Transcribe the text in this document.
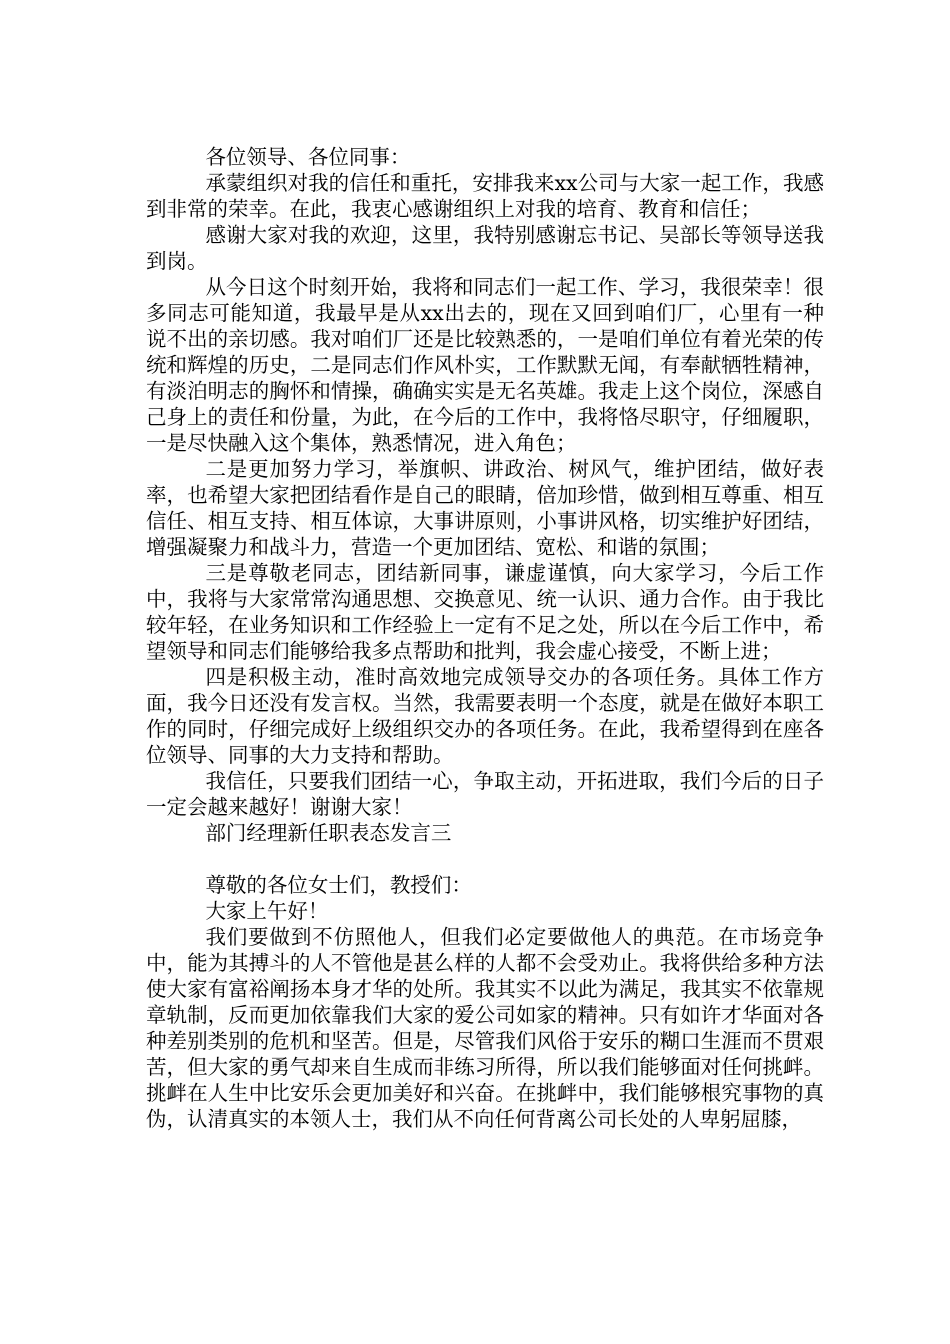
各位领导、各位同事：

承蒙组织对我的信任和重托，安排我来xx公司与大家一起工作，我感到非常的荣幸。在此，我衷心感谢组织上对我的培育、教育和信任；

感谢大家对我的欢迎，这里，我特别感谢忘书记、吴部长等领导送我到岗。

从今日这个时刻开始，我将和同志们一起工作、学习，我很荣幸！很多同志可能知道，我最早是从xx出去的，现在又回到咱们厂，心里有一种说不出的亲切感。我对咱们厂还是比较熟悉的，一是咱们单位有着光荣的传统和辉煌的历史，二是同志们作风朴实，工作默默无闻，有奉献牺牲精神，有淡泊明志的胸怀和情操，确确实实是无名英雄。我走上这个岗位，深感自己身上的责任和份量，为此，在今后的工作中，我将恪尽职守，仔细履职，一是尽快融入这个集体，熟悉情况，进入角色；

二是更加努力学习，举旗帜、讲政治、树风气，维护团结，做好表率，也希望大家把团结看作是自己的眼睛，倍加珍惜，做到相互尊重、相互信任、相互支持、相互体谅，大事讲原则，小事讲风格，切实维护好团结，增强凝聚力和战斗力，营造一个更加团结、宽松、和谐的氛围；

三是尊敬老同志，团结新同事，谦虚谨慎，向大家学习，今后工作中，我将与大家常常沟通思想、交换意见、统一认识、通力合作。由于我比较年轻，在业务知识和工作经验上一定有不足之处，所以在今后工作中，希望领导和同志们能够给我多点帮助和批判，我会虚心接受，不断上进；

四是积极主动，准时高效地完成领导交办的各项任务。具体工作方面，我今日还没有发言权。当然，我需要表明一个态度，就是在做好本职工作的同时，仔细完成好上级组织交办的各项任务。在此，我希望得到在座各位领导、同事的大力支持和帮助。

我信任，只要我们团结一心，争取主动，开拓进取，我们今后的日子一定会越来越好！谢谢大家！

部门经理新任职表态发言三

尊敬的各位女士们，教授们：

大家上午好！

我们要做到不仿照他人，但我们必定要做他人的典范。在市场竞争中，能为其搏斗的人不管他是甚么样的人都不会受劝止。我将供给多种方法使大家有富裕阐扬本身才华的处所。我其实不以此为满足，我其实不依靠规章轨制，反而更加依靠我们大家的爱公司如家的精神。只有如许才华面对各种差别类别的危机和坚苦。但是，尽管我们风俗于安乐的糊口生涯而不贯艰苦，但大家的勇气却来自生成而非练习所得，所以我们能够面对任何挑衅。挑衅在人生中比安乐会更加美好和兴奋。在挑衅中，我们能够根究事物的真伪，认清真实的本领人士，我们从不向任何背离公司长处的人卑躬屈膝，
